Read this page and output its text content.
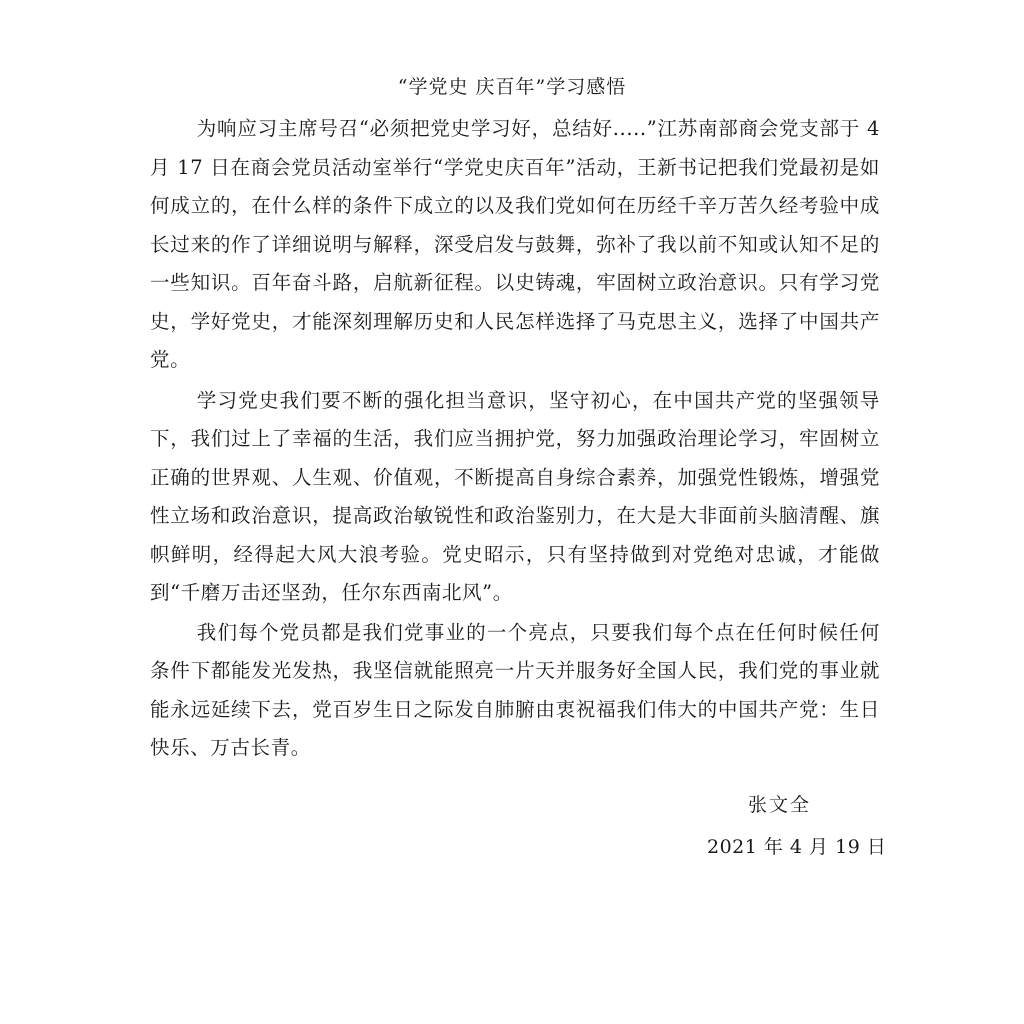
“学党史 庆百年”学习感悟

为响应习主席号召“必须把党史学习好，总结好.....”江苏南部商会党支部于 4 月 17 日在商会党员活动室举行“学党史庆百年”活动，王新书记把我们党最初是如何成立的，在什么样的条件下成立的以及我们党如何在历经千辛万苦久经考验中成长过来的作了详细说明与解释，深受启发与鼓舞，弥补了我以前不知或认知不足的一些知识。百年奋斗路，启航新征程。以史铸魂，牢固树立政治意识。只有学习党史，学好党史，才能深刻理解历史和人民怎样选择了马克思主义，选择了中国共产党。

学习党史我们要不断的强化担当意识，坚守初心，在中国共产党的坚强领导下，我们过上了幸福的生活，我们应当拥护党，努力加强政治理论学习，牢固树立正确的世界观、人生观、价值观，不断提高自身综合素养，加强党性锻炼，增强党性立场和政治意识，提高政治敏锐性和政治鉴别力，在大是大非面前头脑清醒、旗帜鲜明，经得起大风大浪考验。党史昭示，只有坚持做到对党绝对忠诚，才能做到“千磨万击还坚劲，任尔东西南北风”。

我们每个党员都是我们党事业的一个亮点，只要我们每个点在任何时候任何条件下都能发光发热，我坚信就能照亮一片天并服务好全国人民，我们党的事业就能永远延续下去，党百岁生日之际发自肺腑由衷祝福我们伟大的中国共产党：生日快乐、万古长青。

张文全
2021 年 4 月 19 日
